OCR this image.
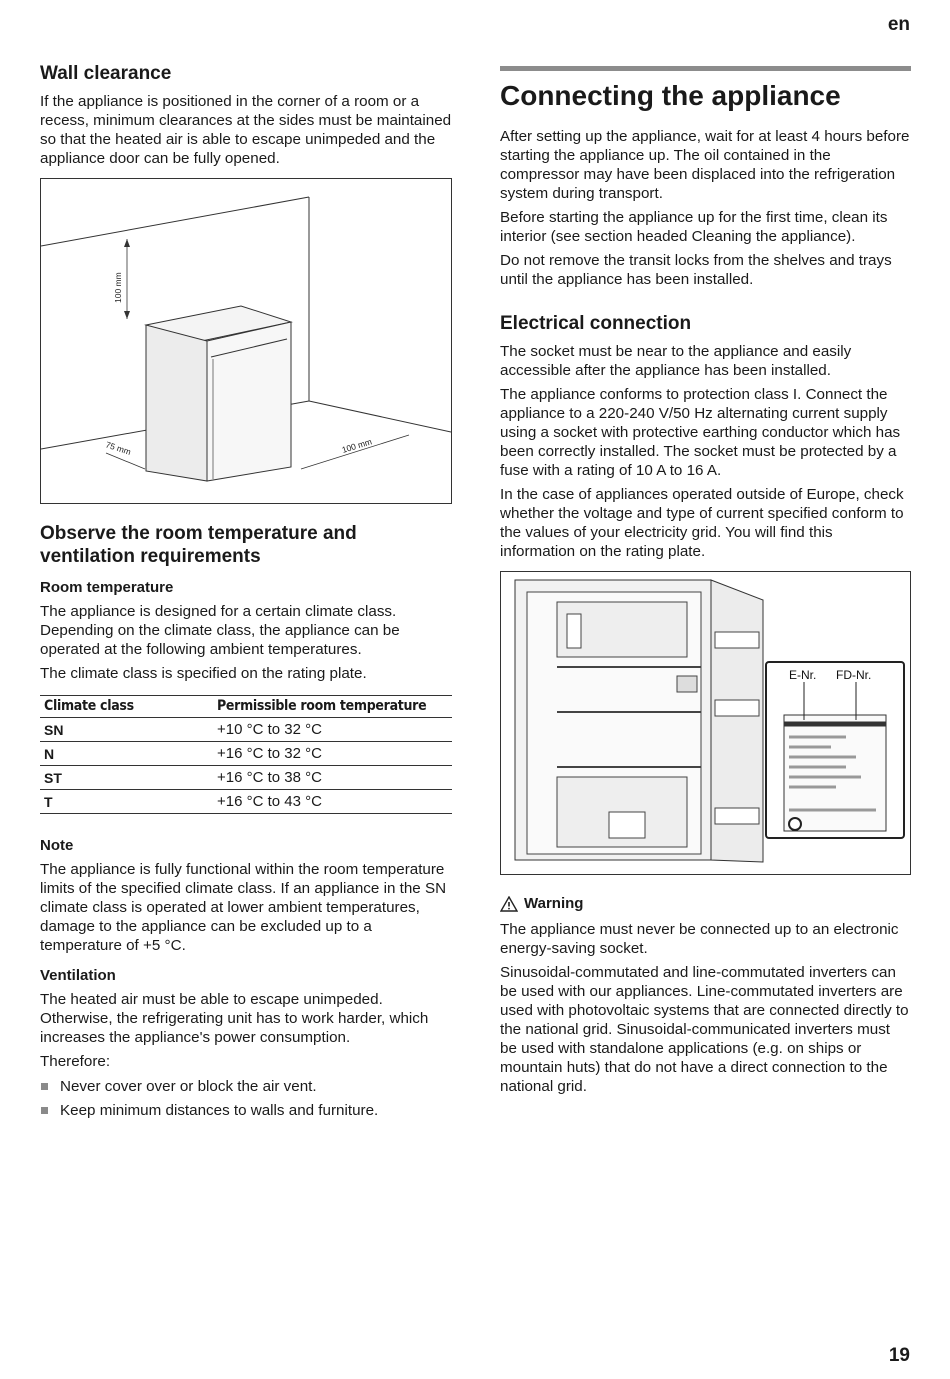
en
Wall clearance

If the appliance is positioned in the corner of a room or a recess, minimum clearances at the sides must be maintained so that the heated air is able to escape unimpeded and the appliance door can be fully opened.

100 mm
75 mm	100 mm
Observe the room temperature and ventilation requirements
Room temperature

The appliance is designed for a certain climate class. Depending on the climate class, the appliance can be operated at the following ambient temperatures.

The climate class is specified on the rating plate.

Climate class	Permissible room temperature
SN	+10 °C to 32 °C
N	+16 °C to 32 °C
ST	+16 °C to 38 °C
T	+16 °C to 43 °C
Note

The appliance is fully functional within the room temperature limits of the specified climate class. If an appliance in the SN climate class is operated at lower ambient temperatures, damage to the appliance can be excluded up to a temperature of +5 °C.

Ventilation

The heated air must be able to escape unimpeded. Otherwise, the refrigerating unit has to work harder, which increases the appliance's power consumption.

Therefore:

Never cover over or block the air vent.
Keep minimum distances to walls and furniture.
Connecting the appliance

After setting up the appliance, wait for at least 4 hours before starting the appliance up. The oil contained in the compressor may have been displaced into the refrigeration system during transport.

Before starting the appliance up for the first time, clean its interior (see section headed Cleaning the appliance).

Do not remove the transit locks from the shelves and trays until the appliance has been installed.

Electrical connection

The socket must be near to the appliance and easily accessible after the appliance has been installed.

The appliance conforms to protection class I. Connect the appliance to a 220-240 V/50 Hz alternating current supply using a socket with protective earthing conductor which has been correctly installed. The socket must be protected by a fuse with a rating of 10 A to 16 A.

In the case of appliances operated outside of Europe, check whether the voltage and type of current specified conform to the values of your electricity grid. You will find this information on the rating plate.

E-Nr. FD-Nr.
Warning

The appliance must never be connected up to an electronic energy-saving socket.

Sinusoidal-commutated and line-commutated inverters can be used with our appliances. Line-commutated inverters are used with photovoltaic systems that are connected directly to the national grid. Sinusoidal-communicated inverters must be used with standalone applications (e.g. on ships or mountain huts) that do not have a direct connection to the national grid.

19
